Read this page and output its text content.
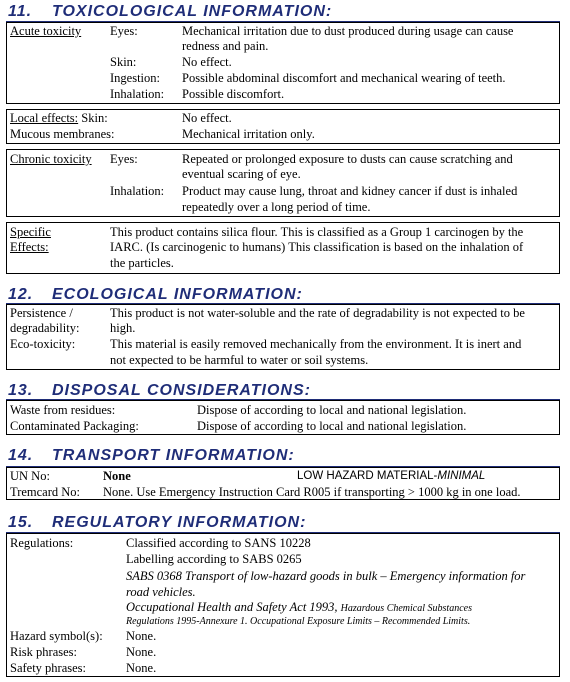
11. TOXICOLOGICAL INFORMATION:
Acute toxicity Eyes:	Mechanical irritation due to dust produced during usage can cause
redness and pain.
Skin:	No effect.
Ingestion: Possible abdominal discomfort and mechanical wearing of teeth.
Inhalation: Possible discomfort.
Local effects: Skin:	No effect.
Mucous membranes:	Mechanical irritation only.
Chronic toxicity Eyes:	Repeated or prolonged exposure to dusts can cause scratching and
eventual scaring of eye.
Inhalation: Product may cause lung, throat and kidney cancer if dust is inhaled
repeatedly over a long period of time.
Specific
Effects:
This product contains silica flour. This is classified as a Group 1 carcinogen by the
IARC. (Is carcinogenic to humans) This classification is based on the inhalation of
the particles.
12. ECOLOGICAL INFORMATION:
Persistence /
degradability:
This product is not water-soluble and the rate of degradability is not expected to be
high.
Eco-toxicity:	This material is easily removed mechanically from the environment. It is inert and
not expected to be harmful to water or soil systems.
13. DISPOSAL CONSIDERATIONS:
Waste from residues:	Dispose of according to local and national legislation.
Contaminated Packaging:	Dispose of according to local and national legislation.
14. TRANSPORT INFORMATION:
UN No:	None	LOW HAZARD MATERIAL-MINIMAL
Tremcard No: None. Use Emergency Instruction Card R005 if transporting > 1000 kg in one load.
15. REGULATORY INFORMATION:
Regulations:	Classified according to SANS 10228
Labelling according to SABS 0265
SABS 0368 Transport of low-hazard goods in bulk – Emergency information for
road vehicles.
Occupational Health and Safety Act 1993, Hazardous Chemical Substances
Regulations 1995-Annexure 1. Occupational Exposure Limits – Recommended Limits.
Hazard symbol(s): None.
Risk phrases:	None.
Safety phrases:	None.
